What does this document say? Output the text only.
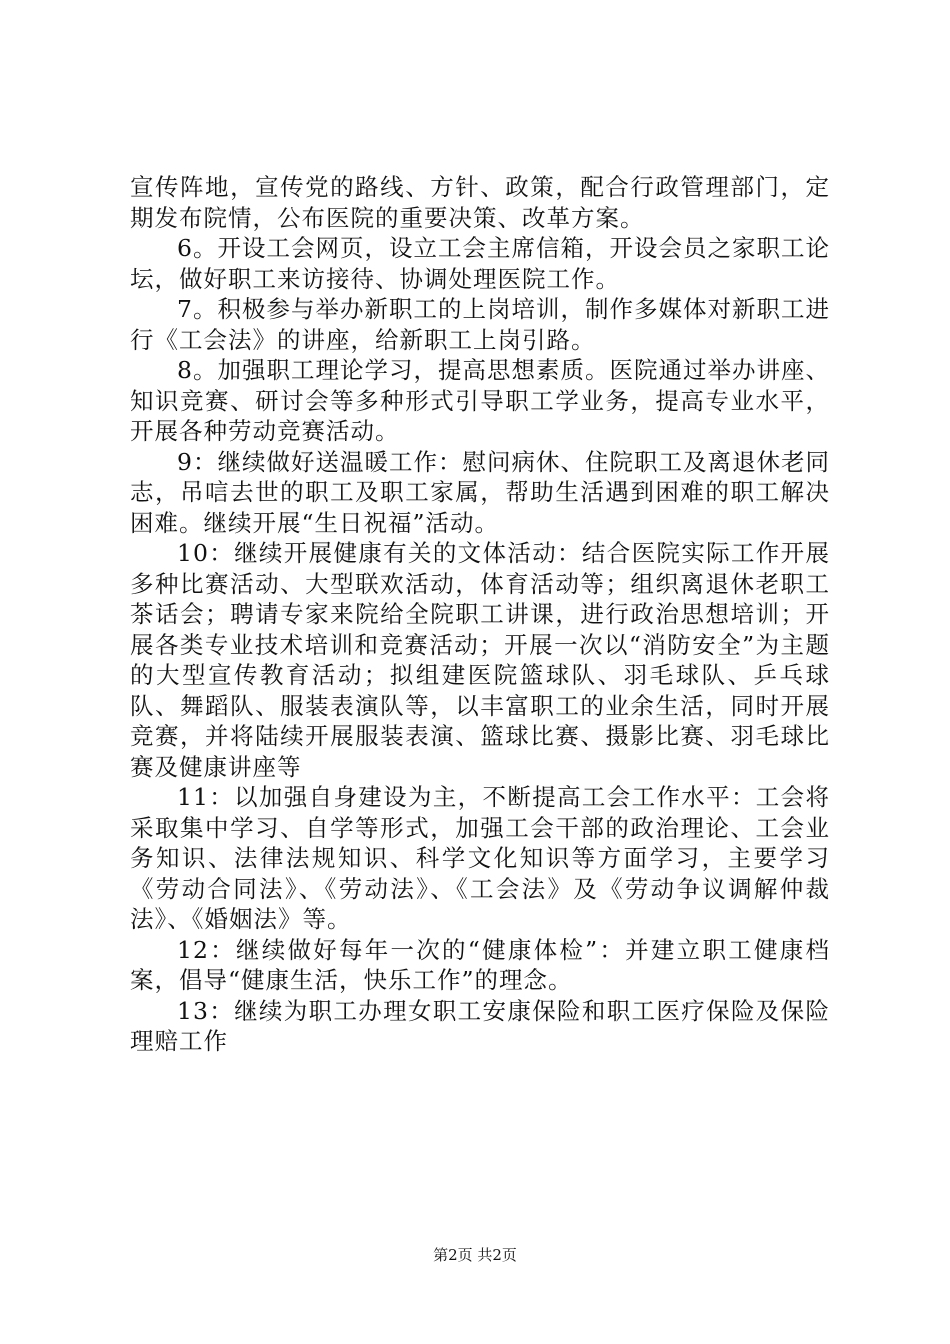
宣传阵地，宣传党的路线、方针、政策，配合行政管理部门，定期发布院情，公布医院的重要决策、改革方案。

6。开设工会网页，设立工会主席信箱，开设会员之家职工论坛，做好职工来访接待、协调处理医院工作。

7。积极参与举办新职工的上岗培训，制作多媒体对新职工进行《工会法》的讲座，给新职工上岗引路。

8。加强职工理论学习，提高思想素质。医院通过举办讲座、知识竞赛、研讨会等多种形式引导职工学业务，提高专业水平，开展各种劳动竞赛活动。

9：继续做好送温暖工作：慰问病休、住院职工及离退休老同志，吊唁去世的职工及职工家属，帮助生活遇到困难的职工解决困难。继续开展“生日祝福”活动。

10：继续开展健康有关的文体活动：结合医院实际工作开展多种比赛活动、大型联欢活动，体育活动等；组织离退休老职工茶话会；聘请专家来院给全院职工讲课，进行政治思想培训；开展各类专业技术培训和竞赛活动；开展一次以“消防安全”为主题的大型宣传教育活动；拟组建医院篮球队、羽毛球队、乒乓球队、舞蹈队、服装表演队等，以丰富职工的业余生活，同时开展竞赛，并将陆续开展服装表演、篮球比赛、摄影比赛、羽毛球比赛及健康讲座等

11：以加强自身建设为主，不断提高工会工作水平：工会将采取集中学习、自学等形式，加强工会干部的政治理论、工会业务知识、法律法规知识、科学文化知识等方面学习，主要学习《劳动合同法》、《劳动法》、《工会法》及《劳动争议调解仲裁法》、《婚姻法》等。

12：继续做好每年一次的“健康体检”：并建立职工健康档案，倡导“健康生活，快乐工作”的理念。

13：继续为职工办理女职工安康保险和职工医疗保险及保险理赔工作

第2页 共2页
